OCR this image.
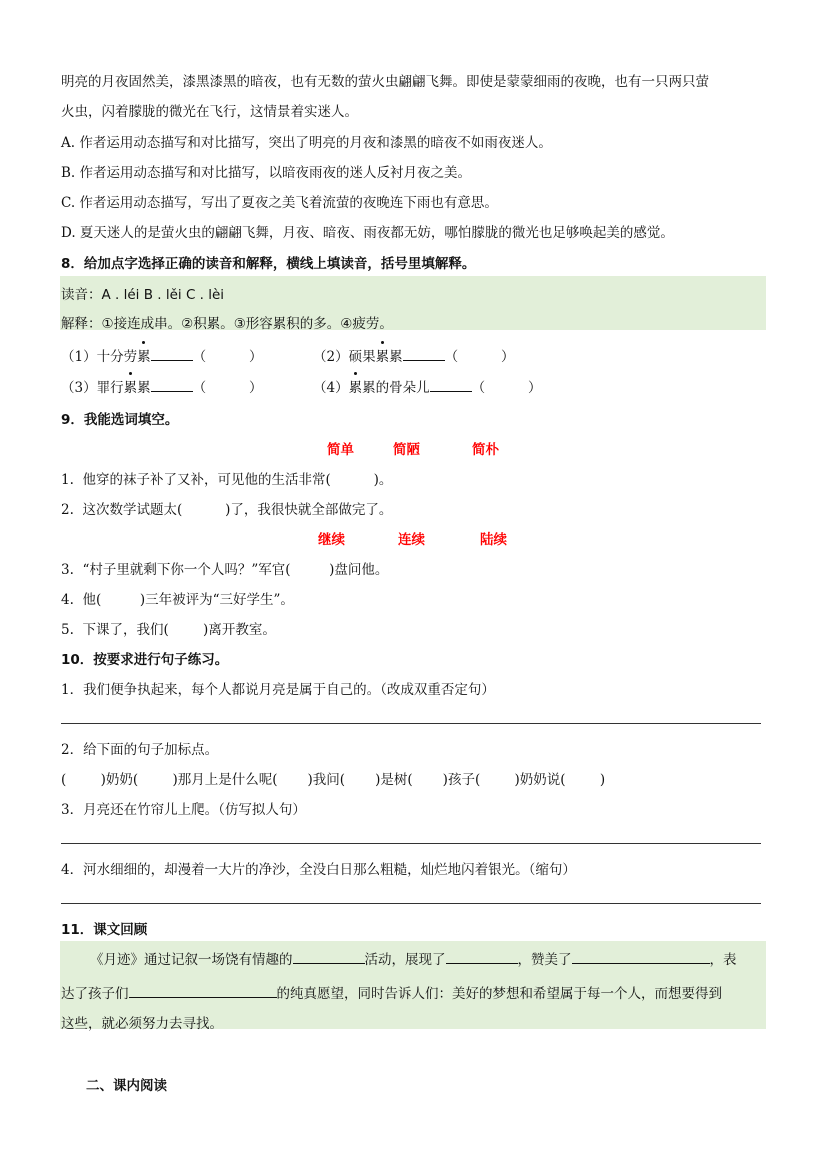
明亮的月夜固然美，漆黑漆黑的暗夜，也有无数的萤火虫翩翩飞舞。即使是蒙蒙细雨的夜晚，也有一只两只萤
火虫，闪着朦胧的微光在飞行，这情景着实迷人。
A. 作者运用动态描写和对比描写，突出了明亮的月夜和漆黑的暗夜不如雨夜迷人。
B. 作者运用动态描写和对比描写，以暗夜雨夜的迷人反衬月夜之美。
C. 作者运用动态描写，写出了夏夜之美飞着流萤的夜晚连下雨也有意思。
D. 夏天迷人的是萤火虫的翩翩飞舞，月夜、暗夜、雨夜都无妨，哪怕朦胧的微光也足够唤起美的感觉。
8．给加点字选择正确的读音和解释，横线上填读音，括号里填解释。
读音：A . léi B . lěi C . lèi
解释：①接连成串。②积累。③形容累积的多。④疲劳。
（1）十分劳累	（          ）	（2）硕果累累	（          ）
（3）罪行累累	（          ）	（4）累累的骨朵儿	（          ）
9．我能选词填空。
简单	简陋	简朴
1.  他穿的袜子补了又补，可见他的生活非常(          )。
2.  这次数学试题太(          )了，我很快就全部做完了。
继续	连续	陆续
3.  “村子里就剩下你一个人吗？”军官(         )盘问他。
4.  他(         )三年被评为“三好学生”。
5.  下课了，我们(        )离开教室。
10．按要求进行句子练习。
1．我们便争执起来，每个人都说月亮是属于自己的。（改成双重否定句）
2．给下面的句子加标点。
(        )奶奶(        )那月上是什么呢(       )我问(       )是树(       )孩子(        )奶奶说(        )
3．月亮还在竹帘儿上爬。（仿写拟人句）
4．河水细细的，却漫着一大片的净沙，全没白日那么粗糙，灿烂地闪着银光。（缩句）
11．课文回顾
《月迹》通过记叙一场饶有情趣的	活动，展现了	，赞美了	，表
达了孩子们	的纯真愿望，同时告诉人们：美好的梦想和希望属于每一个人，而想要得到
这些，就必须努力去寻找。
二、课内阅读
